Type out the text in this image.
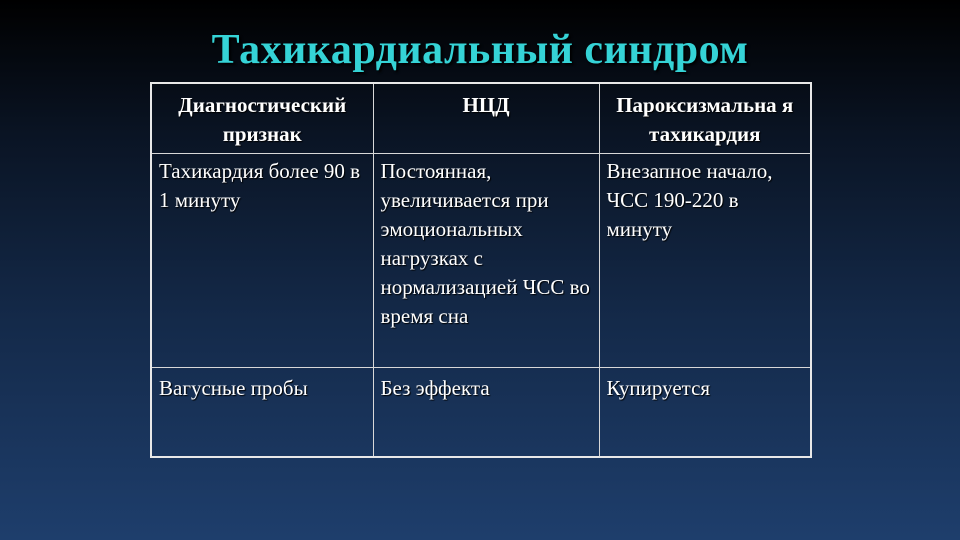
Тахикардиальный синдром
Диагностический признак	НЦД	Пароксизмальна я тахикардия
Тахикардия более 90 в 1 минуту	Постоянная, увеличивается при эмоциональных нагрузках с нормализацией ЧСС во время сна	Внезапное начало, ЧСС 190-220 в минуту
Вагусные пробы	Без эффекта	Купируется
